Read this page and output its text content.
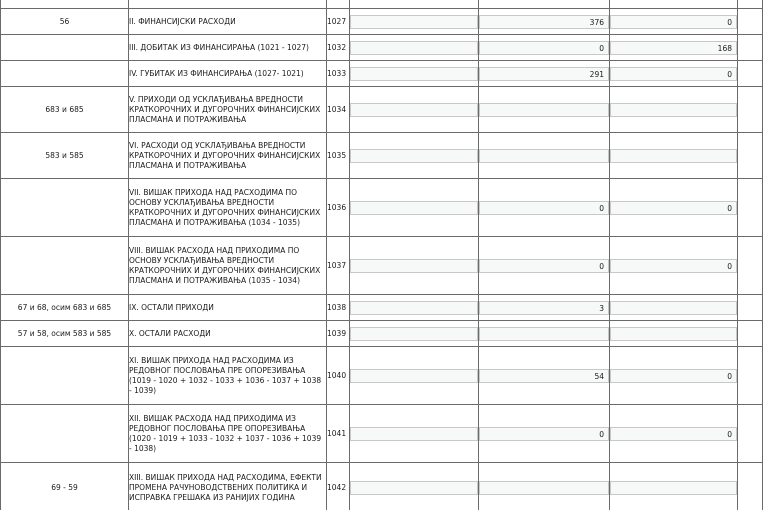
56	II. ФИНАНСИЈСКИ РАСХОДИ	1027		376	0	

	III. ДОБИТАК ИЗ ФИНАНСИРАЊА (1021 - 1027)	1032		0	168	

	IV. ГУБИТАК ИЗ ФИНАНСИРАЊА (1027- 1021)	1033		291	0	

683 и 685	V. ПРИХОДИ ОД УСКЛАЂИВАЊА ВРЕДНОСТИ КРАТКОРОЧНИХ И ДУГОРОЧНИХ ФИНАНСИЈСКИХ ПЛАСМАНА И ПОТРАЖИВАЊА	1034	

583 и 585	VI. РАСХОДИ ОД УСКЛАЂИВАЊА ВРЕДНОСТИ КРАТКОРОЧНИХ И ДУГОРОЧНИХ ФИНАНСИЈСКИХ ПЛАСМАНА И ПОТРАЖИВАЊА	1035	

	VII. ВИШАК ПРИХОДА НАД РАСХОДИМА ПО ОСНОВУ УСКЛАЂИВАЊА ВРЕДНОСТИ КРАТКОРОЧНИХ И ДУГОРОЧНИХ ФИНАНСИЈСКИХ ПЛАСМАНА И ПОТРАЖИВАЊА (1034 - 1035)	1036		0	0	

	VIII. ВИШАК РАСХОДА НАД ПРИХОДИМА ПО ОСНОВУ УСКЛАЂИВАЊА ВРЕДНОСТИ КРАТКОРОЧНИХ И ДУГОРОЧНИХ ФИНАНСИЈСКИХ ПЛАСМАНА И ПОТРАЖИВАЊА (1035 - 1034)	1037		0	0	

67 и 68, осим 683 и 685	IX. ОСТАЛИ ПРИХОДИ	1038		3		

57 и 58, осим 583 и 585	X. ОСТАЛИ РАСХОДИ	1039	

	XI. ВИШАК ПРИХОДА НАД РАСХОДИМА ИЗ РЕДОВНОГ ПОСЛОВАЊА ПРЕ ОПОРЕЗИВАЊА (1019 - 1020 + 1032 - 1033 + 1036 - 1037 + 1038 - 1039)	1040		54	0	

	XII. ВИШАК РАСХОДА НАД ПРИХОДИМА ИЗ РЕДОВНОГ ПОСЛОВАЊА ПРЕ ОПОРЕЗИВАЊА (1020 - 1019 + 1033 - 1032 + 1037 - 1036 + 1039 - 1038)	1041		0	0	

69 - 59	XIII. ВИШАК ПРИХОДА НАД РАСХОДИМА, ЕФЕКТИ ПРОМЕНА РАЧУНОВОДСТВЕНИХ ПОЛИТИКА И ИСПРАВКА ГРЕШАКА ИЗ РАНИЈИХ ГОДИНА	1042	
